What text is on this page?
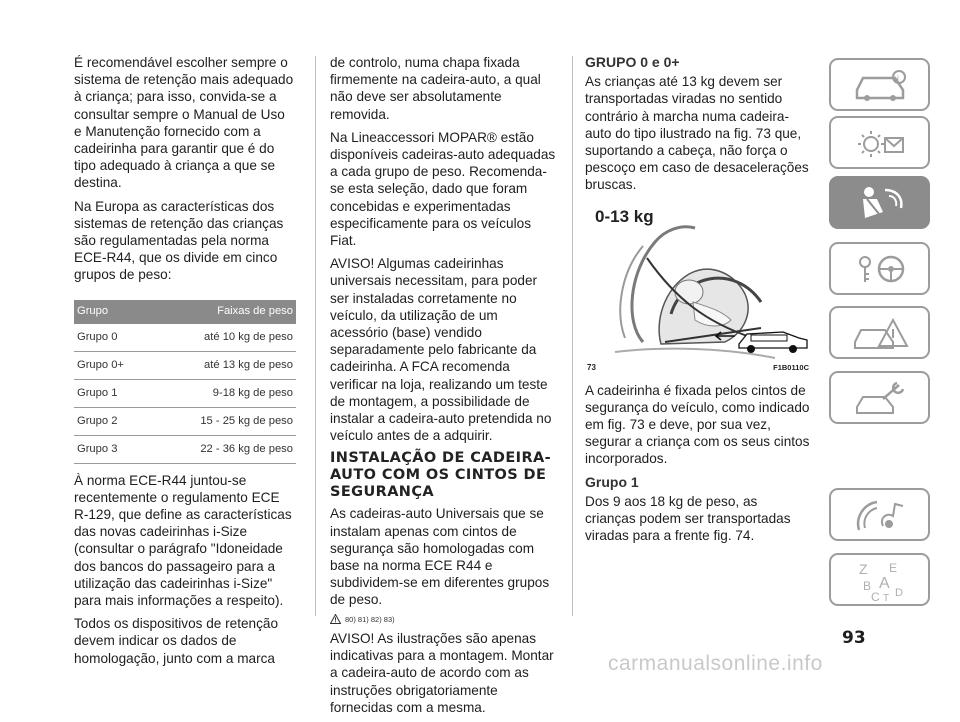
É recomendável escolher sempre o sistema de retenção mais adequado à criança; para isso, convida-se a consultar sempre o Manual de Uso e Manutenção fornecido com a cadeirinha para garantir que é do tipo adequado à criança a que se destina.

Na Europa as características dos sistemas de retenção das crianças são regulamentadas pela norma ECE-R44, que os divide em cinco grupos de peso:

Grupo	Faixas de peso
Grupo 0	até 10 kg de peso
Grupo 0+	até 13 kg de peso
Grupo 1	9-18 kg de peso
Grupo 2	15 - 25 kg de peso
Grupo 3	22 - 36 kg de peso

À norma ECE-R44 juntou-se recentemente o regulamento ECE R-129, que define as características das novas cadeirinhas i-Size (consultar o parágrafo "Idoneidade dos bancos do passageiro para a utilização das cadeirinhas i-Size" para mais informações a respeito).

Todos os dispositivos de retenção devem indicar os dados de homologação, junto com a marca

de controlo, numa chapa fixada firmemente na cadeira-auto, a qual não deve ser absolutamente removida.

Na Lineaccessori MOPAR® estão disponíveis cadeiras-auto adequadas a cada grupo de peso. Recomenda-se esta seleção, dado que foram concebidas e experimentadas especificamente para os veículos Fiat.

AVISO! Algumas cadeirinhas universais necessitam, para poder ser instaladas corretamente no veículo, da utilização de um acessório (base) vendido separadamente pelo fabricante da cadeirinha. A FCA recomenda verificar na loja, realizando um teste de montagem, a possibilidade de instalar a cadeira-auto pretendida no veículo antes de a adquirir.

INSTALAÇÃO DE CADEIRA-AUTO COM OS CINTOS DE SEGURANÇA

As cadeiras-auto Universais que se instalam apenas com cintos de segurança são homologadas com base na norma ECE R44 e subdividem-se em diferentes grupos de peso.

80) 81) 82) 83)

AVISO! As ilustrações são apenas indicativas para a montagem. Montar a cadeira-auto de acordo com as instruções obrigatoriamente fornecidas com a mesma.

GRUPO 0 e 0+

As crianças até 13 kg devem ser transportadas viradas no sentido contrário à marcha numa cadeira-auto do tipo ilustrado na fig. 73 que, suportando a cabeça, não força o pescoço em caso de desacelerações bruscas.

0-13 kg
73	F1B0110C

A cadeirinha é fixada pelos cintos de segurança do veículo, como indicado em fig. 73 e deve, por sua vez, segurar a criança com os seus cintos incorporados.

Grupo 1

Dos 9 aos 18 kg de peso, as crianças podem ser transportadas viradas para a frente fig. 74.

i
Z E
B A
C T D
93
carmanualsonline.info
